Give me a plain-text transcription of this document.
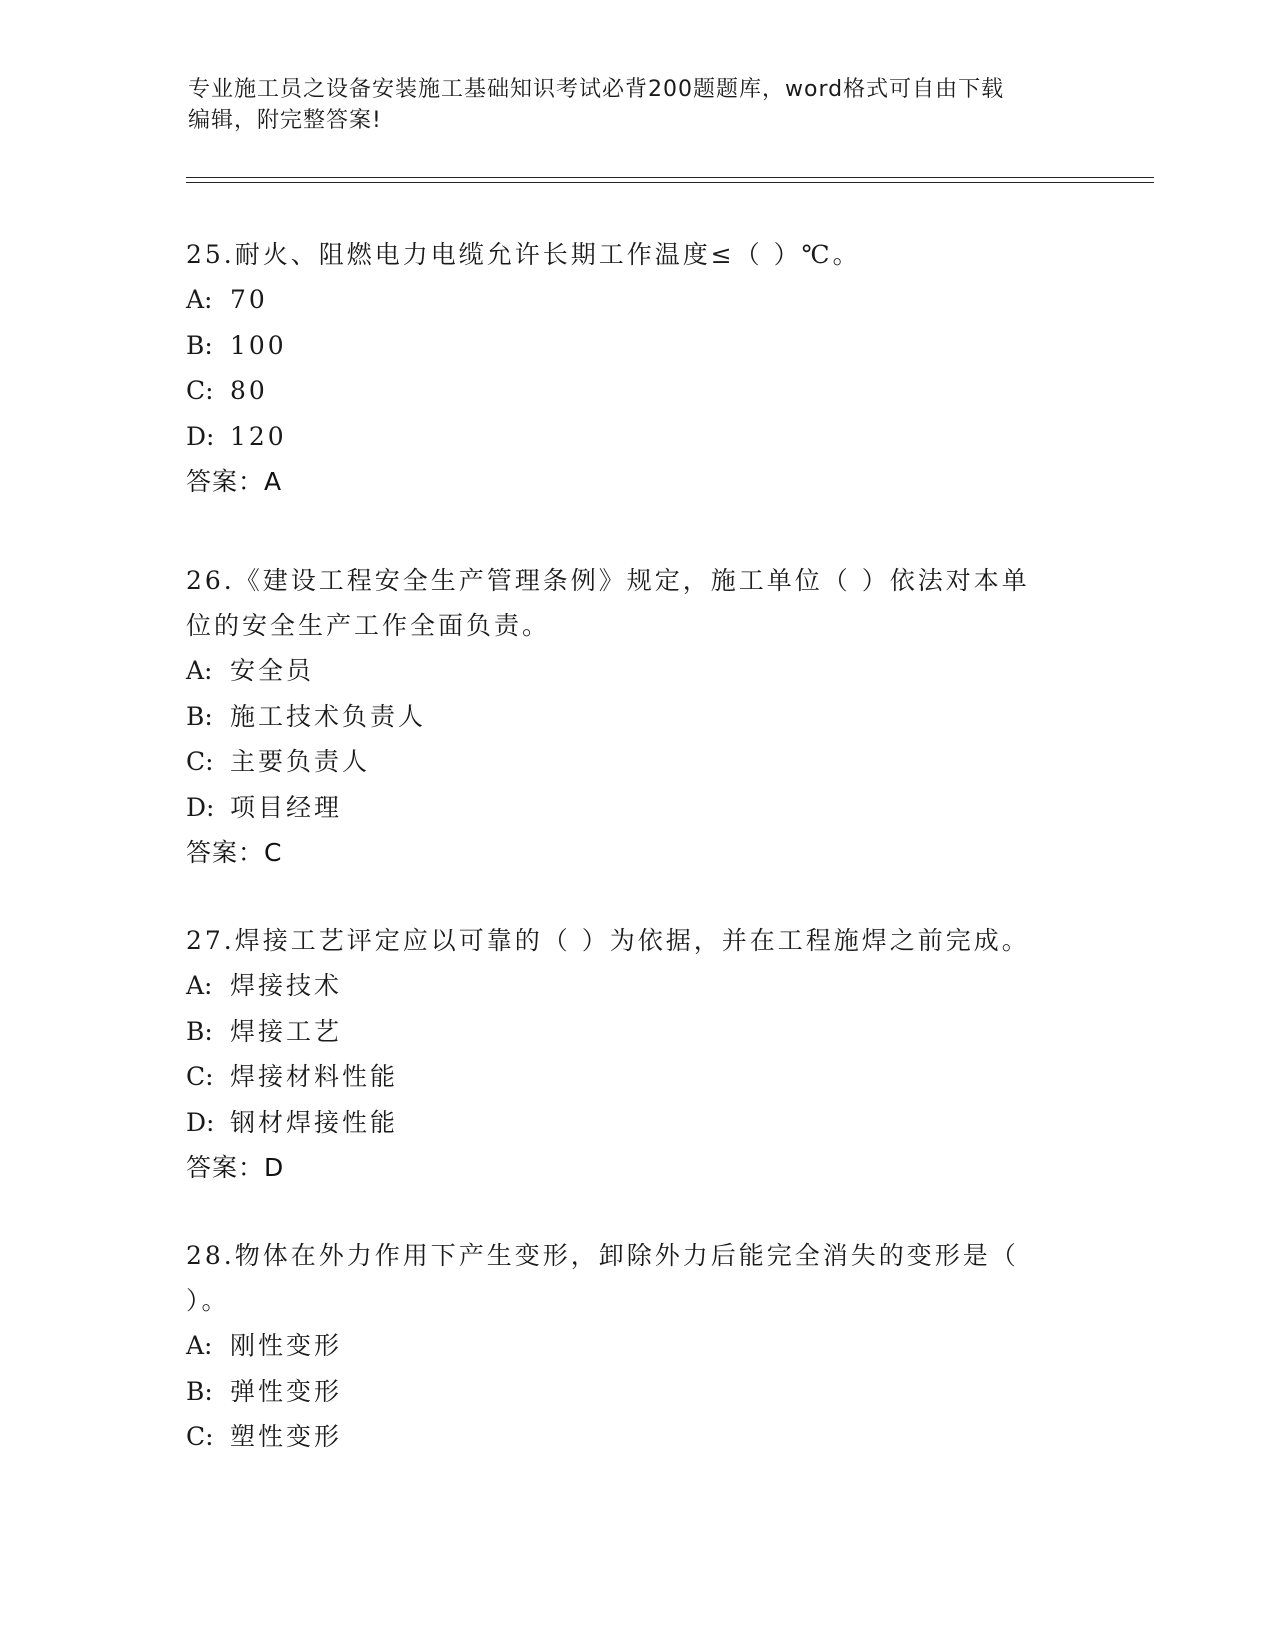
专业施工员之设备安装施工基础知识考试必背200题题库，word格式可自由下载
编辑，附完整答案!
25.耐火、阻燃电力电缆允许长期工作温度≤（ ）℃。
A: 70
B: 100
C: 80
D: 120
答案：A
26.《建设工程安全生产管理条例》规定，施工单位（ ）依法对本单
位的安全生产工作全面负责。
A: 安全员
B: 施工技术负责人
C: 主要负责人
D: 项目经理
答案：C
27.焊接工艺评定应以可靠的（ ）为依据，并在工程施焊之前完成。
A: 焊接技术
B: 焊接工艺
C: 焊接材料性能
D: 钢材焊接性能
答案：D
28.物体在外力作用下产生变形，卸除外力后能完全消失的变形是（
）。
A: 刚性变形
B: 弹性变形
C: 塑性变形
